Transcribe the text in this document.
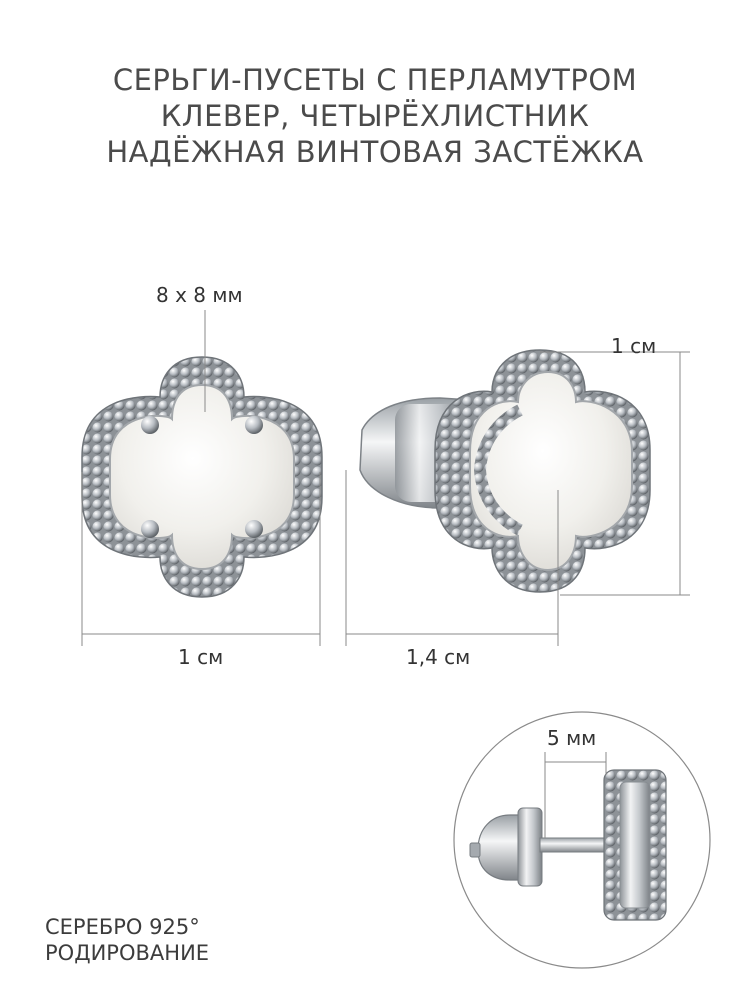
СЕРЬГИ-ПУСЕТЫ С ПЕРЛАМУТРОМ
КЛЕВЕР, ЧЕТЫРЁХЛИСТНИК
НАДЁЖНАЯ ВИНТОВАЯ ЗАСТЁЖКА
8 х 8 мм
1 см
1 см	1,4 см
5 мм
СЕРЕБРО 925°
РОДИРОВАНИЕ
